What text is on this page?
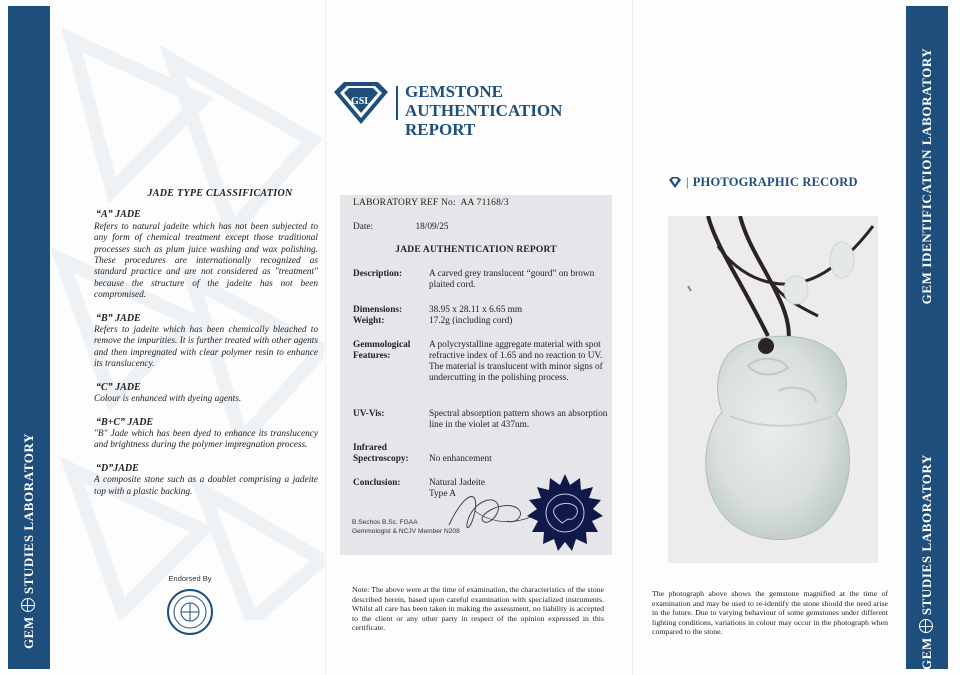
GEMSTUDIES LABORATORY
GEM IDENTIFICATION LABORATORY
GEMSTUDIES LABORATORY
GSL
GEMSTONE AUTHENTICATION
REPORT
JADE TYPE CLASSIFICATION
“A” JADE

Refers to natural jadeite which has not been subjected to any form of chemical treatment except those traditional processes such as plum juice washing and wax polishing. These procedures are internationally recognized as standard practice and are not considered as "treatment" because the structure of the jadeite has not been compromised.

“B” JADE

Refers to jadeite which has been chemically bleached to remove the impurities. It is further treated with other agents and then impregnated with clear polymer resin to enhance its translucency.

“C” JADE

Colour is enhanced with dyeing agents.

“B+C” JADE

"B" Jade which has been dyed to enhance its translucency and brightness during the polymer impregnation process.

“D”JADE

A composite stone such as a doublet comprising a jadeite top with a plastic backing.

Endorsed By
LABORATORY REF No: AA 71168/3
Date:	18/09/25
JADE AUTHENTICATION REPORT
Description:	A carved grey translucent “gourd” on brown plaited cord.
Dimensions:	38.95 x 28.11 x 6.65 mm
Weight:	17.2g (including cord)
Gemmological
Features:
A polycrystalline aggregate material with spot refractive index of 1.65 and no reaction to UV. The material is translucent with minor signs of undercutting in the polishing process.
UV-Vis:	Spectral absorption pattern shows an absorption line in the violet at 437nm.
Infrared
Spectroscopy:	No enhancement
Conclusion:	Natural Jadeite
Type A
B.Sechos B.Sc. FGAA
Gemmologist & NCJV Member N208
Note: The above were at the time of examination, the characteristics of the stone described herein, based upon careful examination with specialized instruments. Whilst all care has been taken in making the assessment, no liability is accepted to the client or any other party in respect of the opinion expressed in this certificate.
| PHOTOGRAPHIC RECORD
The photograph above shows the gemstone magnified at the time of examination and may be used to re-identify the stone should the need arise in the future. Due to varying behaviour of some gemstones under different lighting conditions, variations in colour may occur in the photograph when compared to the stone.
